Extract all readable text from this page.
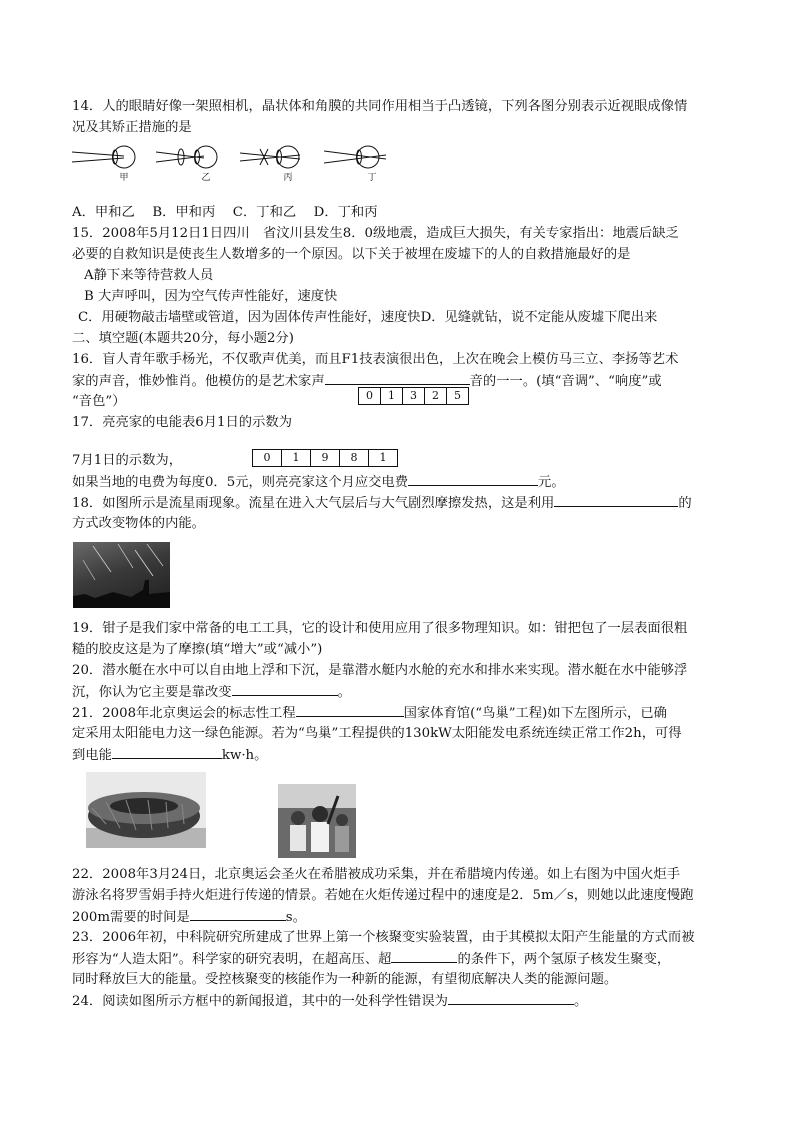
14．人的眼睛好像一架照相机，晶状体和角膜的共同作用相当于凸透镜，下列各图分别表示近视眼成像情
况及其矫正措施的是
甲	乙	丙	丁
A．甲和乙　 B．甲和丙　 C．丁和乙　 D．丁和丙
15．2008年5月12日1日四川　省汶川县发生8．0级地震，造成巨大损失，有关专家指出：地震后缺乏
必要的自救知识是使丧生人数增多的一个原因。以下关于被埋在废墟下的人的自救措施最好的是
A静下来等待营救人员
B 大声呼叫，因为空气传声性能好，速度快
C．用硬物敲击墙壁或管道，因为固体传声性能好，速度快D．见缝就钻，说不定能从废墟下爬出来
二、填空题(本题共20分，每小题2分)
16．盲人青年歌手杨光，不仅歌声优美，而且F1技表演很出色，上次在晚会上模仿马三立、李扬等艺术
家的声音，惟妙惟肖。他模仿的是艺术家声	音的一一。(填“音调”、“响度”或
“音色”）	0	1	3	2	5
17．亮亮家的电能表6月1日的示数为
7月1日的示数为，	0	1	9	8	1
如果当地的电费为每度0．5元，则亮亮家这个月应交电费	元。
18．如图所示是流星雨现象。流星在进入大气层后与大气剧烈摩擦发热，这是利用	的
方式改变物体的内能。
19．钳子是我们家中常备的电工工具，它的设计和使用应用了很多物理知识。如：钳把包了一层表面很粗
糙的胶皮这是为了摩擦(填“增大”或“减小”)
20．潜水艇在水中可以自由地上浮和下沉，是靠潜水艇内水舱的充水和排水来实现。潜水艇在水中能够浮
沉，你认为它主要是靠改变	。
21．2008年北京奥运会的标志性工程	国家体育馆(“鸟巢”工程)如下左图所示，已确
定采用太阳能电力这一绿色能源。若为“鸟巢”工程提供的130kW太阳能发电系统连续正常工作2h，可得
到电能	kw·h。
22．2008年3月24日，北京奥运会圣火在希腊被成功采集，并在希腊境内传递。如上右图为中国火炬手
游泳名将罗雪娟手持火炬进行传递的情景。若她在火炬传递过程中的速度是2．5m／s，则她以此速度慢跑
200m需要的时间是	s。
23．2006年初，中科院研究所建成了世界上第一个核聚变实验装置，由于其模拟太阳产生能量的方式而被
形容为“人造太阳”。科学家的研究表明，在超高压、超	的条件下，两个氢原子核发生聚变，
同时释放巨大的能量。受控核聚变的核能作为一种新的能源，有望彻底解决人类的能源问题。
24．阅读如图所示方框中的新闻报道，其中的一处科学性错误为	。
